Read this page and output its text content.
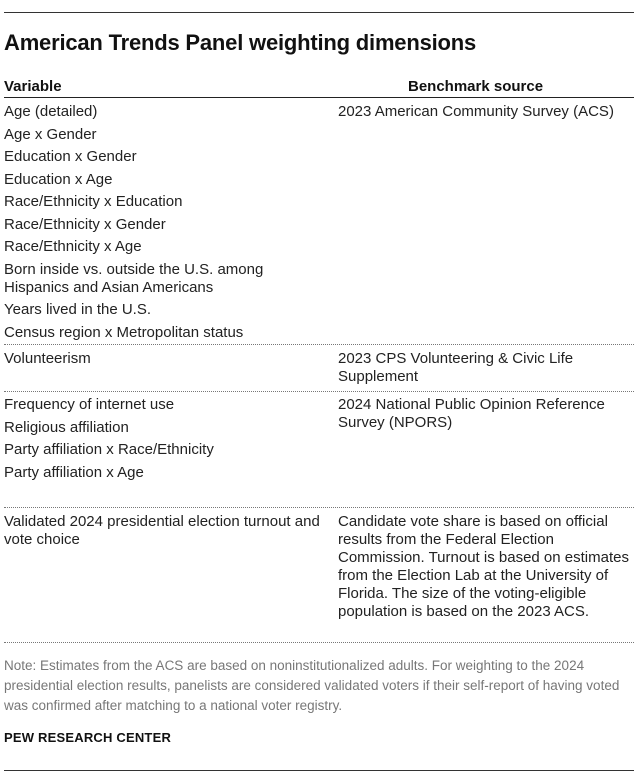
American Trends Panel weighting dimensions
Variable	Benchmark source
Age (detailed)
Age x Gender
Education x Gender
Education x Age
Race/Ethnicity x Education
Race/Ethnicity x Gender
Race/Ethnicity x Age
Born inside vs. outside the U.S. among Hispanics and Asian Americans
Years lived in the U.S.
Census region x Metropolitan status
2023 American Community Survey (ACS)
Volunteerism	2023 CPS Volunteering & Civic Life Supplement
Frequency of internet use
Religious affiliation
Party affiliation x Race/Ethnicity
Party affiliation x Age
2024 National Public Opinion Reference Survey (NPORS)
Validated 2024 presidential election turnout and vote choice
Candidate vote share is based on official results from the Federal Election Commission. Turnout is based on estimates from the Election Lab at the University of Florida. The size of the voting-eligible population is based on the 2023 ACS.

Note: Estimates from the ACS are based on noninstitutionalized adults. For weighting to the 2024 presidential election results, panelists are considered validated voters if their self-report of having voted was confirmed after matching to a national voter registry.

PEW RESEARCH CENTER
